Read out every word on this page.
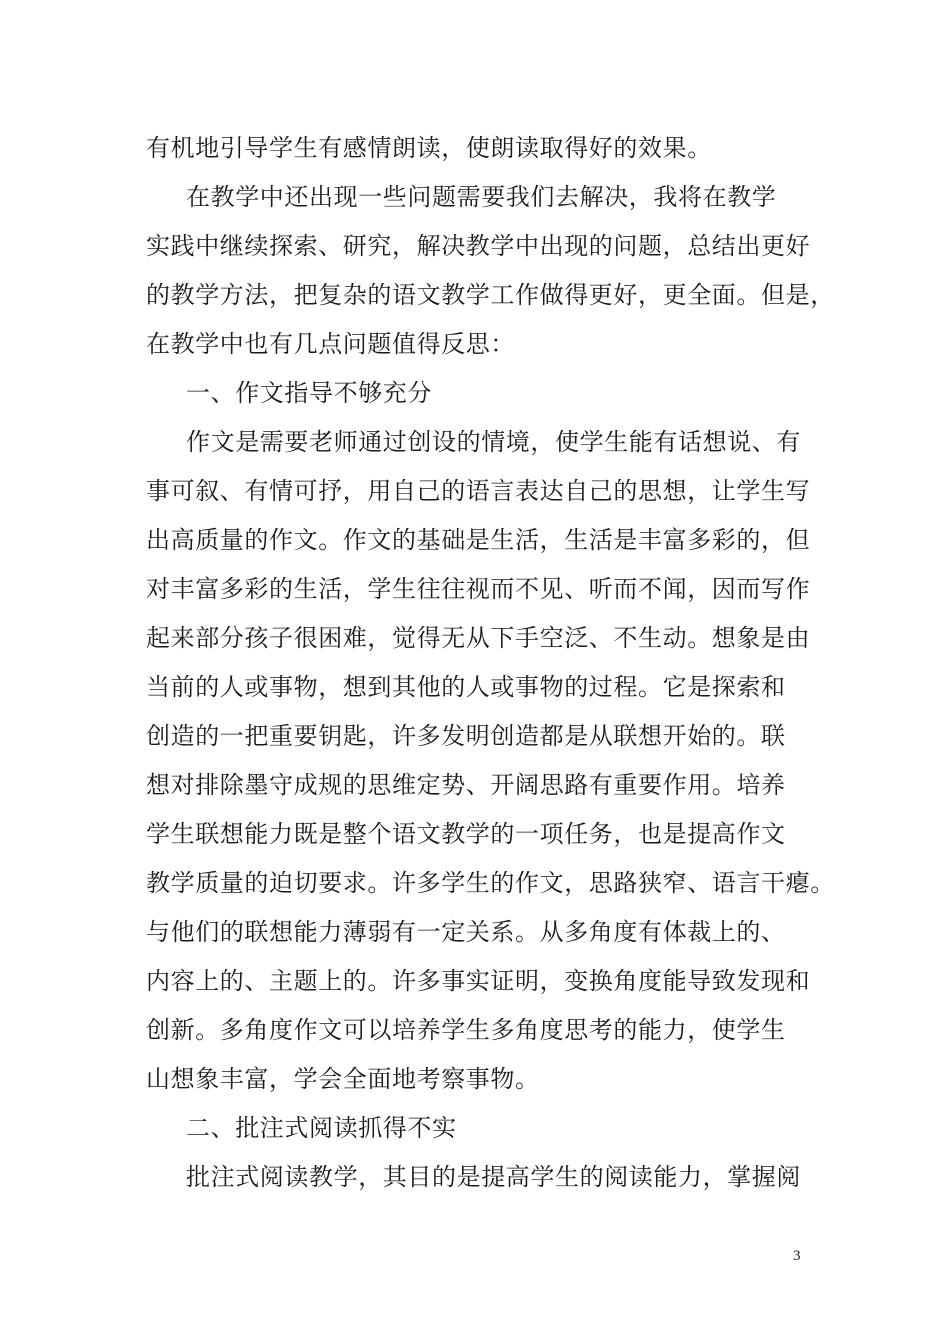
有机地引导学生有感情朗读，使朗读取得好的效果。
在教学中还出现一些问题需要我们去解决，我将在教学
实践中继续探索、研究，解决教学中出现的问题，总结出更好
的教学方法，把复杂的语文教学工作做得更好，更全面。但是，
在教学中也有几点问题值得反思：
一、作文指导不够充分
作文是需要老师通过创设的情境，使学生能有话想说、有
事可叙、有情可抒，用自己的语言表达自己的思想，让学生写
出高质量的作文。作文的基础是生活，生活是丰富多彩的，但
对丰富多彩的生活，学生往往视而不见、听而不闻，因而写作
起来部分孩子很困难，觉得无从下手空泛、不生动。想象是由
当前的人或事物，想到其他的人或事物的过程。它是探索和
创造的一把重要钥匙，许多发明创造都是从联想开始的。联
想对排除墨守成规的思维定势、开阔思路有重要作用。培养
学生联想能力既是整个语文教学的一项任务，也是提高作文
教学质量的迫切要求。许多学生的作文，思路狭窄、语言干瘪。
与他们的联想能力薄弱有一定关系。从多角度有体裁上的、
内容上的、主题上的。许多事实证明，变换角度能导致发现和
创新。多角度作文可以培养学生多角度思考的能力，使学生
山想象丰富，学会全面地考察事物。
二、批注式阅读抓得不实
批注式阅读教学，其目的是提高学生的阅读能力，掌握阅
3
